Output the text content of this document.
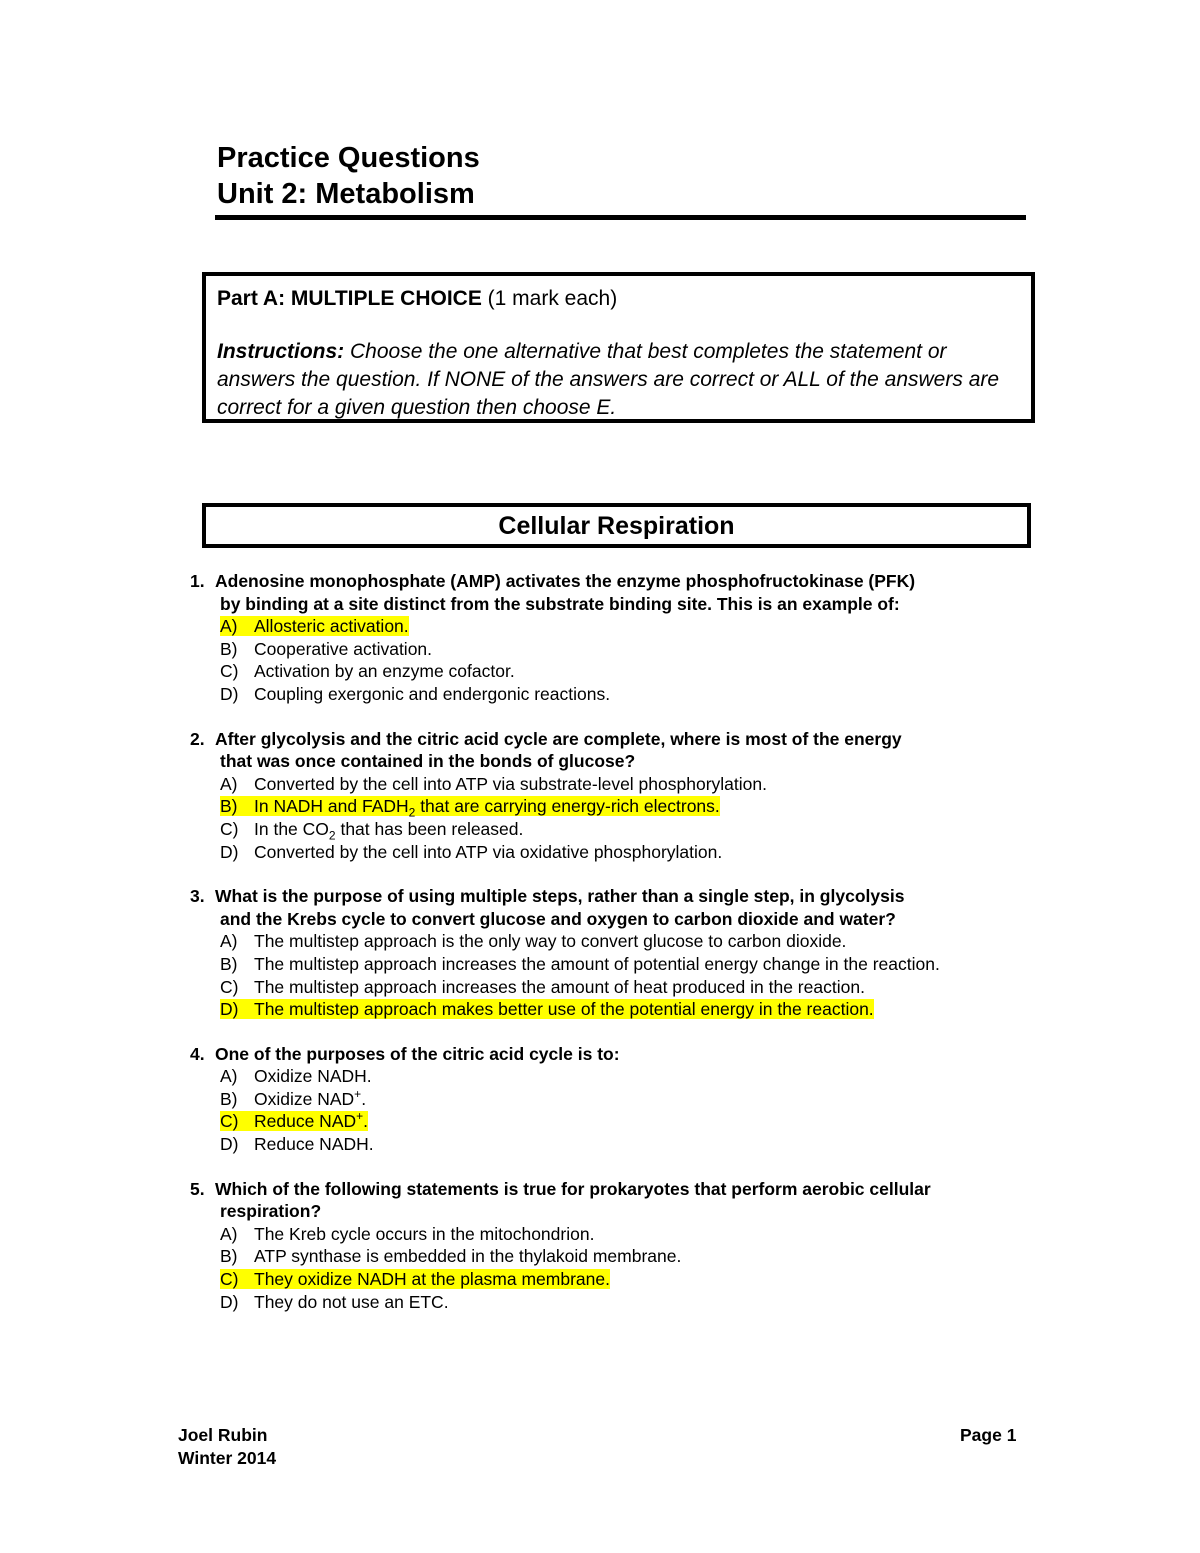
Practice Questions
Unit 2: Metabolism
Part A: MULTIPLE CHOICE (1 mark each)
Instructions: Choose the one alternative that best completes the statement or answers the question. If NONE of the answers are correct or ALL of the answers are correct for a given question then choose E.
Cellular Respiration
1. Adenosine monophosphate (AMP) activates the enzyme phosphofructokinase (PFK)
by binding at a site distinct from the substrate binding site. This is an example of:
A) Allosteric activation.
B) Cooperative activation.
C) Activation by an enzyme cofactor.
D) Coupling exergonic and endergonic reactions.
2. After glycolysis and the citric acid cycle are complete, where is most of the energy
that was once contained in the bonds of glucose?
A) Converted by the cell into ATP via substrate-level phosphorylation.
B) In NADH and $FADH_2$ that are carrying energy-rich electrons.
C) In the $CO_2$ that has been released.
D) Converted by the cell into ATP via oxidative phosphorylation.
3. What is the purpose of using multiple steps, rather than a single step, in glycolysis
and the Krebs cycle to convert glucose and oxygen to carbon dioxide and water?
A) The multistep approach is the only way to convert glucose to carbon dioxide.
B) The multistep approach increases the amount of potential energy change in the reaction.
C) The multistep approach increases the amount of heat produced in the reaction.
D) The multistep approach makes better use of the potential energy in the reaction.
4. One of the purposes of the citric acid cycle is to:
A) Oxidize NADH.
B) Oxidize NAD+.
C) Reduce NAD+.
D) Reduce NADH.
5. Which of the following statements is true for prokaryotes that perform aerobic cellular
respiration?
A) The Kreb cycle occurs in the mitochondrion.
B) ATP synthase is embedded in the thylakoid membrane.
C) They oxidize NADH at the plasma membrane.
D) They do not use an ETC.
Joel Rubin
Winter 2014
Page 1
